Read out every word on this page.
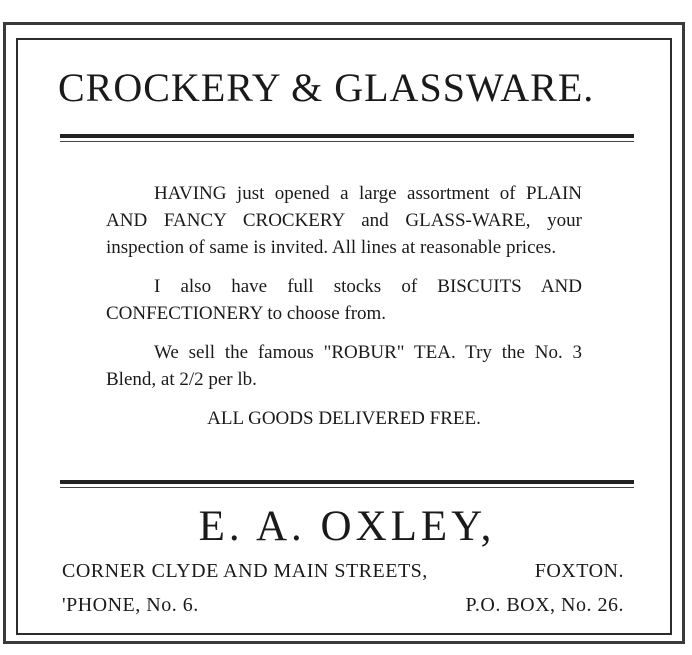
CROCKERY & GLASSWARE.

HAVING just opened a large assortment of PLAIN AND FANCY CROCKERY and GLASS-WARE, your inspection of same is invited. All lines at reasonable prices.

I also have full stocks of BISCUITS AND CONFECTIONERY to choose from.

We sell the famous "ROBUR" TEA. Try the No. 3 Blend, at 2/2 per lb.

ALL GOODS DELIVERED FREE.

E. A. OXLEY,
CORNER CLYDE AND MAIN STREETS,	FOXTON.
'PHONE, No. 6.	P.O. BOX, No. 26.
